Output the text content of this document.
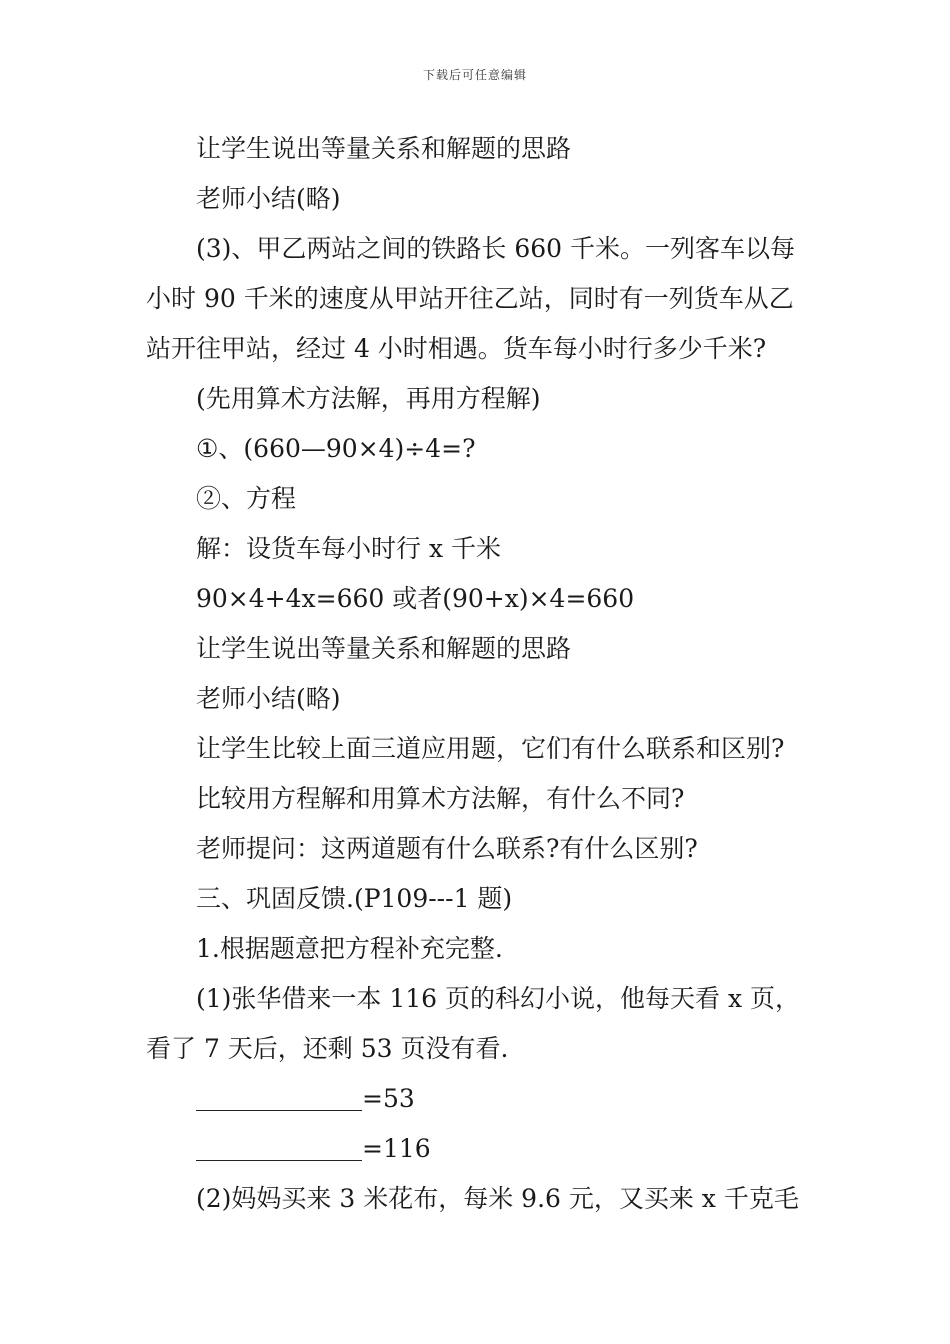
下载后可任意编辑
让学生说出等量关系和解题的思路
老师小结(略)
(3)、甲乙两站之间的铁路长 660 千米。一列客车以每
小时 90 千米的速度从甲站开往乙站，同时有一列货车从乙
站开往甲站，经过 4 小时相遇。货车每小时行多少千米?
(先用算术方法解，再用方程解)
①、(660—90×4)÷4=?
②、方程
解：设货车每小时行 x 千米
90×4+4x=660 或者(90+x)×4=660
让学生说出等量关系和解题的思路
老师小结(略)
让学生比较上面三道应用题，它们有什么联系和区别?
比较用方程解和用算术方法解，有什么不同?
老师提问：这两道题有什么联系?有什么区别?
三、巩固反馈.(P109---1 题)
1.根据题意把方程补充完整.
(1)张华借来一本 116 页的科幻小说，他每天看 x 页，
看了 7 天后，还剩 53 页没有看.
=53
=116
(2)妈妈买来 3 米花布，每米 9.6 元，又买来 x 千克毛
